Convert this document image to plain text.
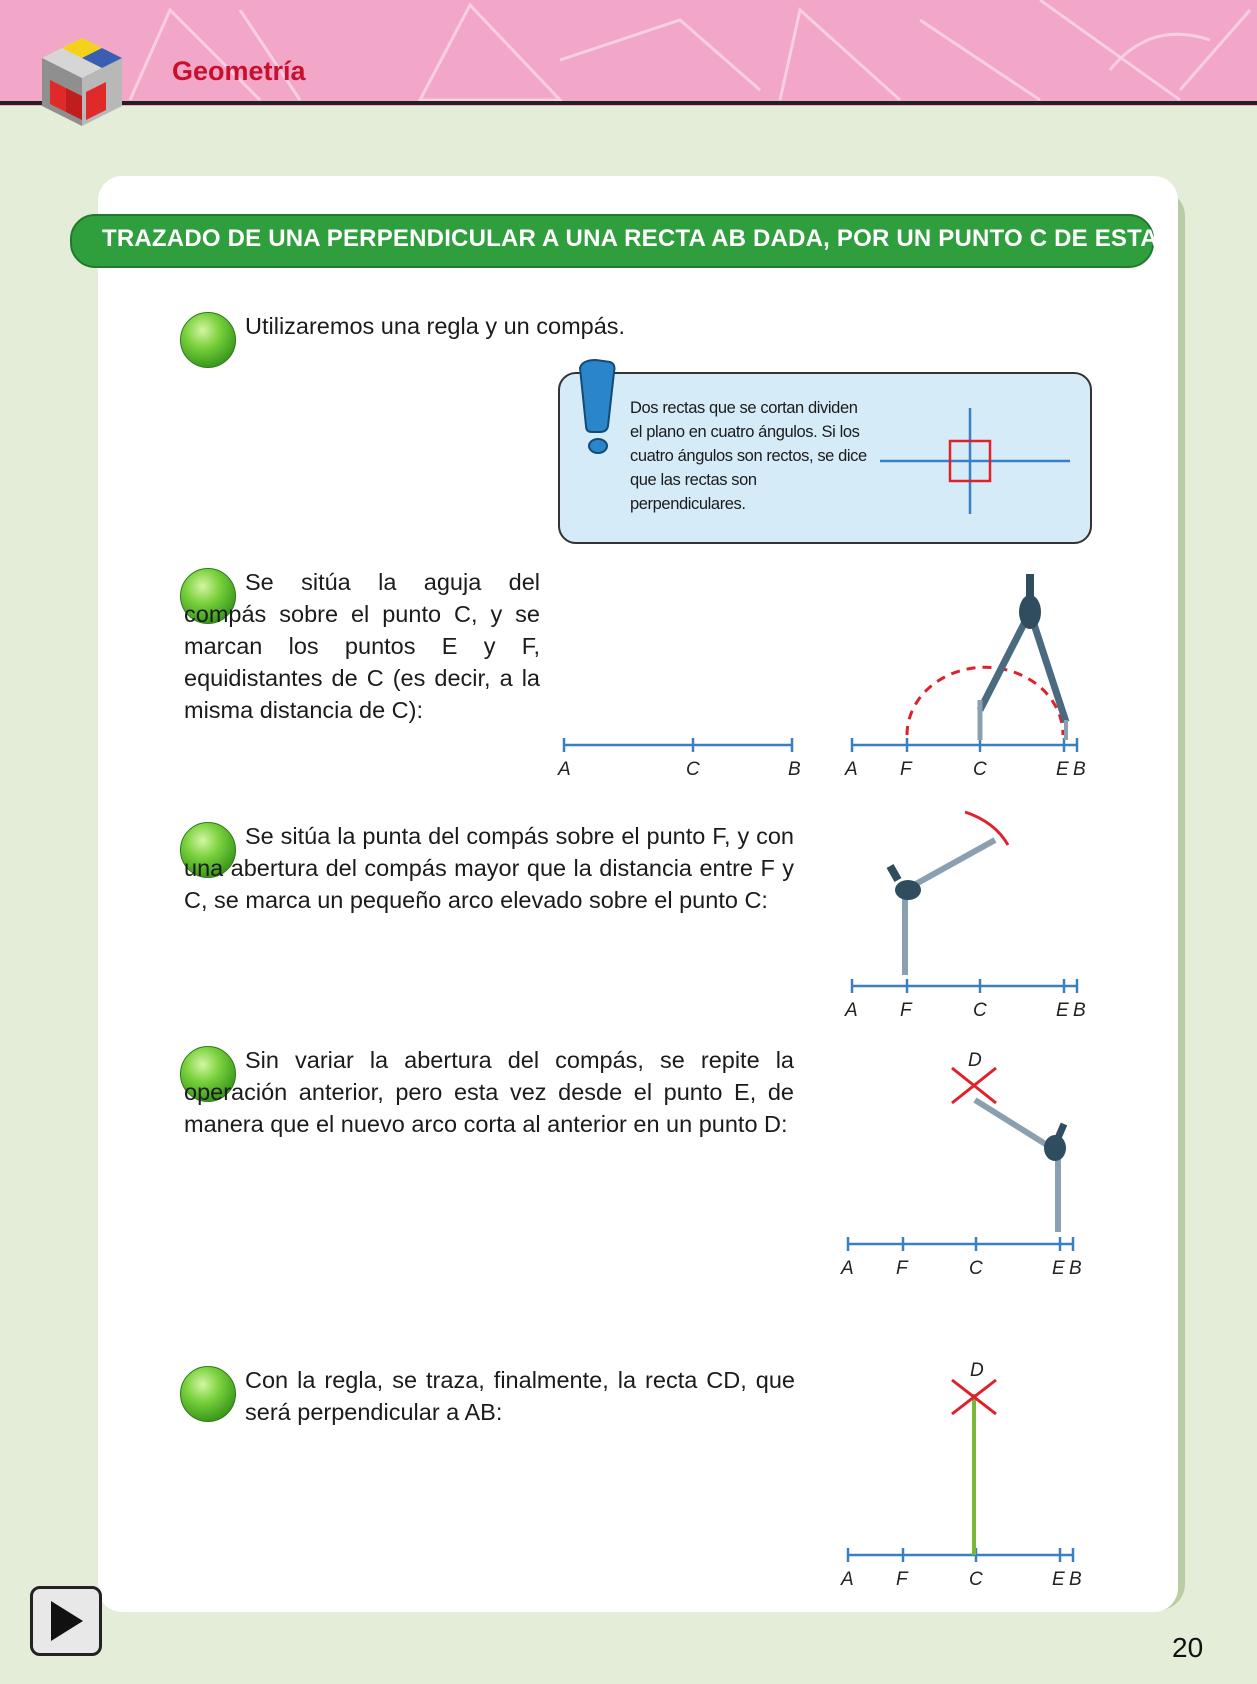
Geometría
TRAZADO DE UNA PERPENDICULAR A UNA RECTA AB DADA, POR UN PUNTO C DE ESTA
Utilizaremos una regla y un compás.
Dos rectas que se cortan dividen el plano en cuatro ángulos. Si los cuatro ángulos son rectos, se dice que las rectas son perpendiculares.
Se sitúa la aguja del compás sobre el punto C, y se marcan los puntos E y F, equidistantes de C (es decir, a la misma distancia de C):
Se sitúa la punta del compás sobre el punto F, y con una abertura del compás mayor que la distancia entre F y C, se marca un pequeño arco elevado sobre el punto C:
Sin variar la abertura del compás, se repite la operación anterior, pero esta vez desde el punto E, de manera que el nuevo arco corta al anterior en un punto D:
Con la regla, se traza, finalmente, la recta CD, que será perpendicular a AB:
A	C	B A F	C	E B
A F	C	E B
D
A F	C	E B
D
A F	C	E B
20
